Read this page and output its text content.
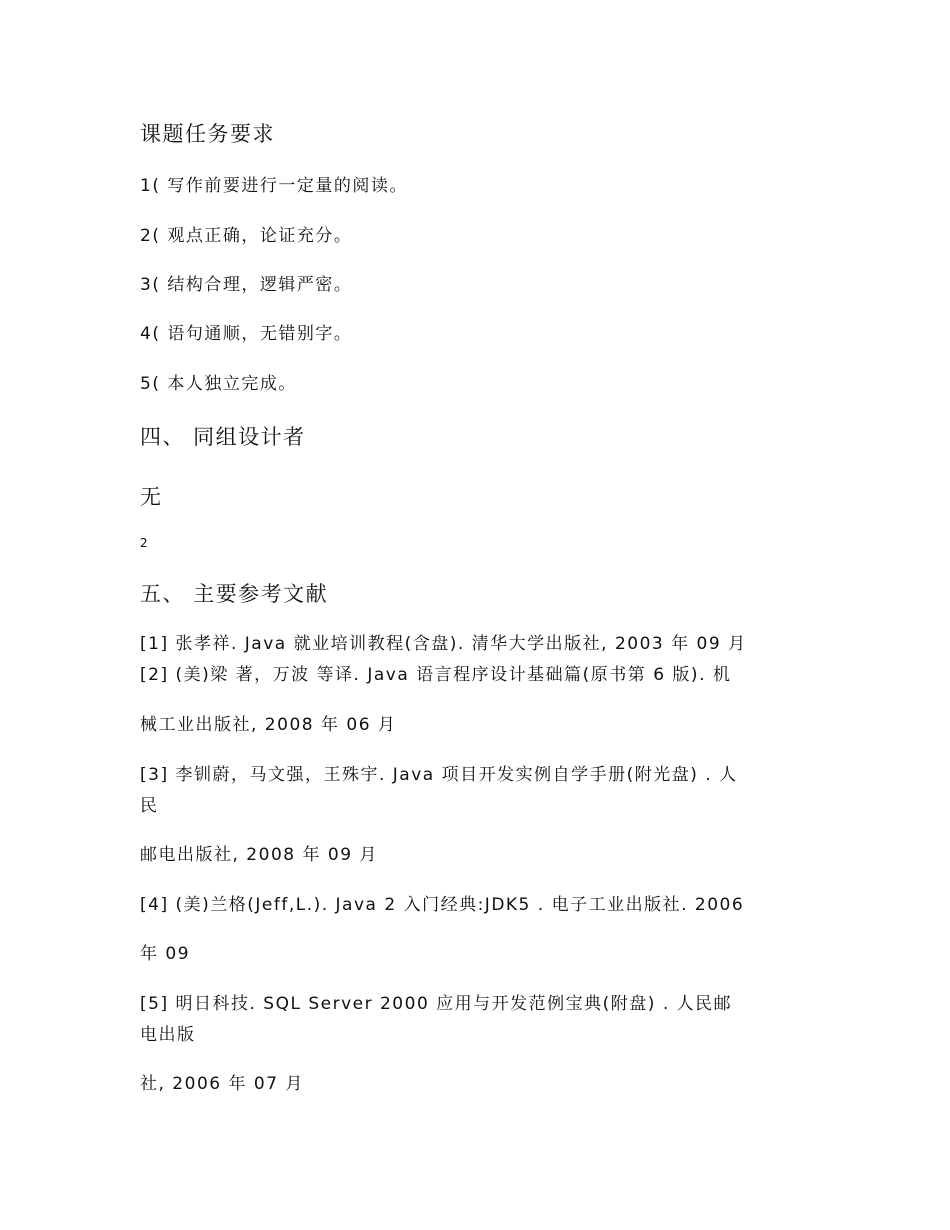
课题任务要求

1( 写作前要进行一定量的阅读。

2( 观点正确，论证充分。

3( 结构合理，逻辑严密。

4( 语句通顺，无错别字。

5( 本人独立完成。

四、 同组设计者

无

2

五、 主要参考文献

[1] 张孝祥. Java 就业培训教程(含盘). 清华大学出版社, 2003 年 09 月

[2] (美)梁 著，万波 等译. Java 语言程序设计基础篇(原书第 6 版). 机

械工业出版社, 2008 年 06 月

[3] 李钏蔚，马文强，王殊宇. Java 项目开发实例自学手册(附光盘) . 人

民

邮电出版社, 2008 年 09 月

[4] (美)兰格(Jeff,L.). Java 2 入门经典:JDK5 . 电子工业出版社. 2006

年 09

[5] 明日科技. SQL Server 2000 应用与开发范例宝典(附盘) . 人民邮

电出版

社, 2006 年 07 月
